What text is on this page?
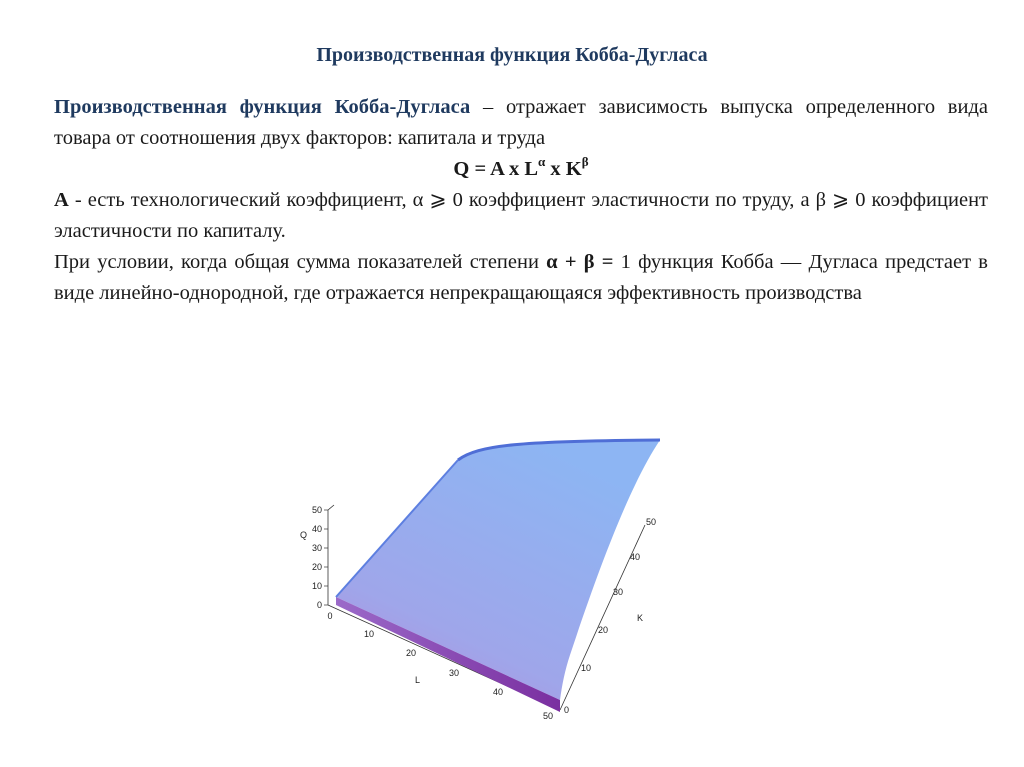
Производственная функция Кобба-Дугласа

Производственная функция Кобба-Дугласа – отражает зависимость выпуска определенного вида товара от соотношения двух факторов: капитала и труда

Q = A x $L^\alpha$ x $K^\beta$

А - есть технологический коэффициент, α ⩾ 0 коэффициент эластичности по труду, а β ⩾ 0 коэффициент эластичности по капиталу.

При условии, когда общая сумма показателей степени α + β = 1 функция Кобба — Дугласа предстает в виде линейно-однородной, где отражается непрекращающаяся эффективность производства

50
40
30
20
10
0
Q
0
10
20
30
40
50
L
0
10
20
30
40
50
K
